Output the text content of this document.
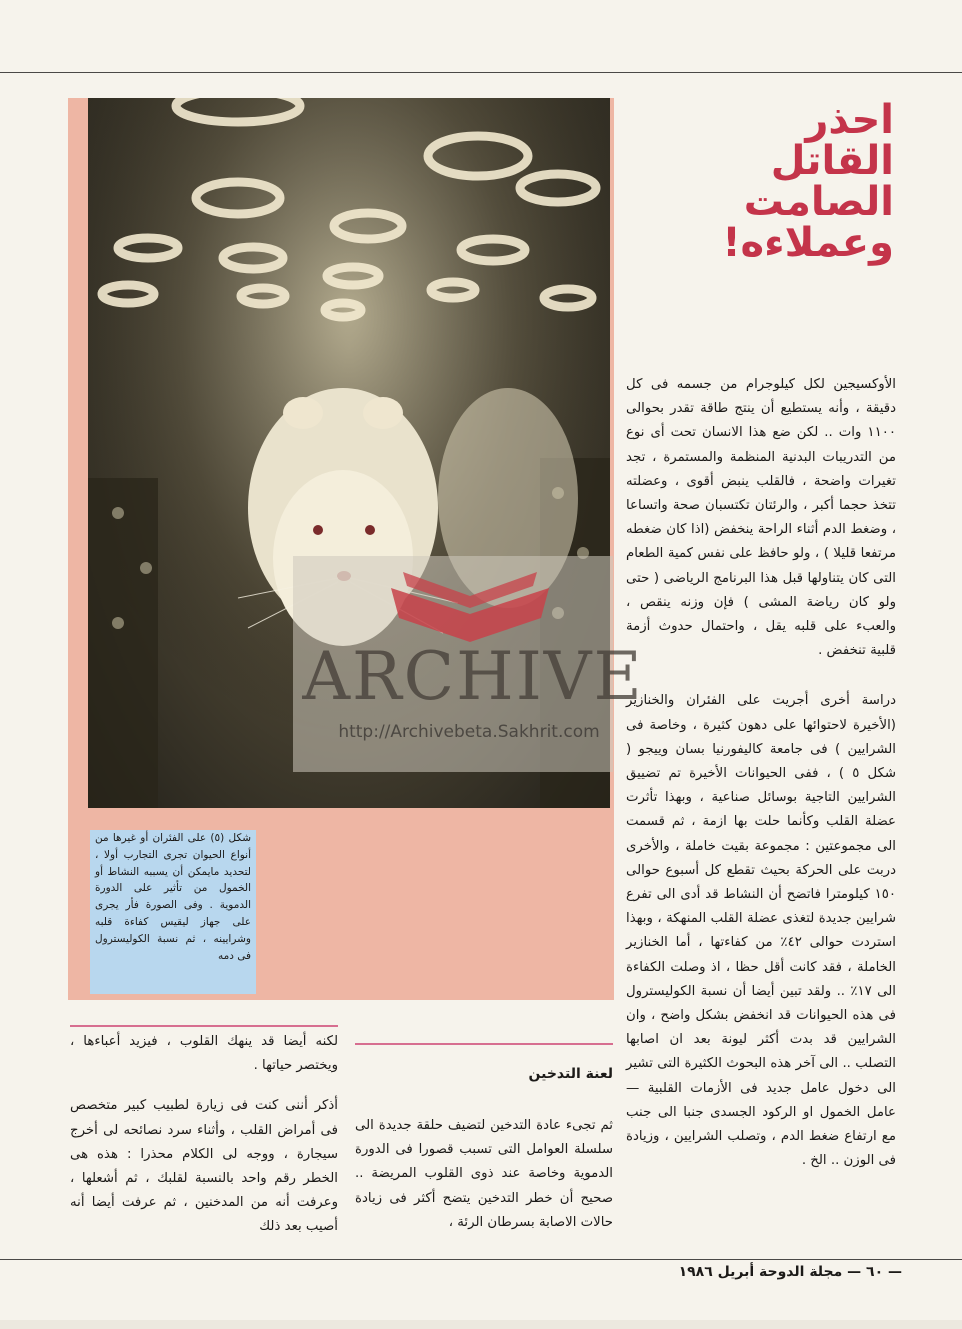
احذر
القاتل
الصامت
وعملاءه!
شكل (٥) على الفئران أو غيرها من أنواع الحيوان تجرى التجارب أولا ، لتحديد مايمكن أن يسببه النشاط أو الخمول من تأثير على الدورة الدموية . وفى الصورة فأر يجرى على جهاز ليقيس كفاءة قلبه وشرايينه ، ثم نسبة الكوليسترول فى دمه

الأوكسيجين لكل كيلوجرام من جسمه فى كل دقيقة ، وأنه يستطيع أن ينتج طاقة تقدر بحوالى ١١٠٠ وات .. لكن ضع هذا الانسان تحت أى نوع من التدريبات البدنية المنظمة والمستمرة ، تجد تغيرات واضحة ، فالقلب ينبض أقوى ، وعضلته تتخذ حجما أكبر ، والرئتان تكتسبان صحة واتساعا ، وضغط الدم أثناء الراحة ينخفض (اذا كان ضغطه مرتفعا قليلا ) ، ولو حافظ على نفس كمية الطعام التى كان يتناولها قبل هذا البرنامج الرياضى ( حتى ولو كان رياضة المشى ) فإن وزنه ينقص ، والعبء على قلبه يقل ، واحتمال حدوث أزمة قلبية تنخفض .

دراسة أخرى أجريت على الفئران والخنازير (الأخيرة لاحتوائها على دهون كثيرة ، وخاصة فى الشرايين ) فى جامعة كاليفورنيا بسان وييجو ( شكل ٥ ) ، ففى الحيوانات الأخيرة تم تضييق الشرايين التاجية بوسائل صناعية ، وبهذا تأثرت عضلة القلب وكأنما حلت بها ازمة ، ثم قسمت الى مجموعتين : مجموعة بقيت خاملة ، والأخرى دربت على الحركة بحيث تقطع كل أسبوع حوالى ١٥٠ كيلومترا فاتضح أن النشاط قد أدى الى تفرع شرايين جديدة لتغذى عضلة القلب المنهكة ، وبهذا استردت حوالى ٤٢٪ من كفاءتها ، أما الخنازير الخاملة ، فقد كانت أقل حظا ، اذ وصلت الكفاءة الى ١٧٪ .. ولقد تبين أيضا أن نسبة الكوليسترول فى هذه الحيوانات قد انخفض بشكل واضح ، وان الشرايين قد بدت أكثر ليونة بعد ان اصابها التصلب .. الى آخر هذه البحوث الكثيرة التى تشير الى دخول عامل جديد فى الأزمات القلبية — عامل الخمول او الركود الجسدى جنبا الى جنب مع ارتفاع ضغط الدم ، وتصلب الشرايين ، وزيادة فى الوزن .. الخ .

لعنة التدخين

ثم تجىء عادة التدخين لتضيف حلقة جديدة الى سلسلة العوامل التى تسبب قصورا فى الدورة الدموية وخاصة عند ذوى القلوب المريضة .. صحيح أن خطر التدخين يتضح أكثر فى زيادة حالات الاصابة بسرطان الرئة ،

لكنه أيضا قد ينهك القلوب ، فيزيد أعباءها ، ويختصر حياتها .

أذكر أننى كنت فى زيارة لطبيب كبير متخصص فى أمراض القلب ، وأثناء سرد نصائحه لى أخرج سيجارة ، ووجه لى الكلام محذرا : هذه هى الخطر رقم واحد بالنسبة لقلبك ، ثم أشعلها ، وعرفت أنه من المدخنين ، ثم عرفت أيضا أنه أصيب بعد ذلك

ARCHIVE
http://Archivebeta.Sakhrit.com
— ٦٠ — مجلة الدوحة أبريل ١٩٨٦
